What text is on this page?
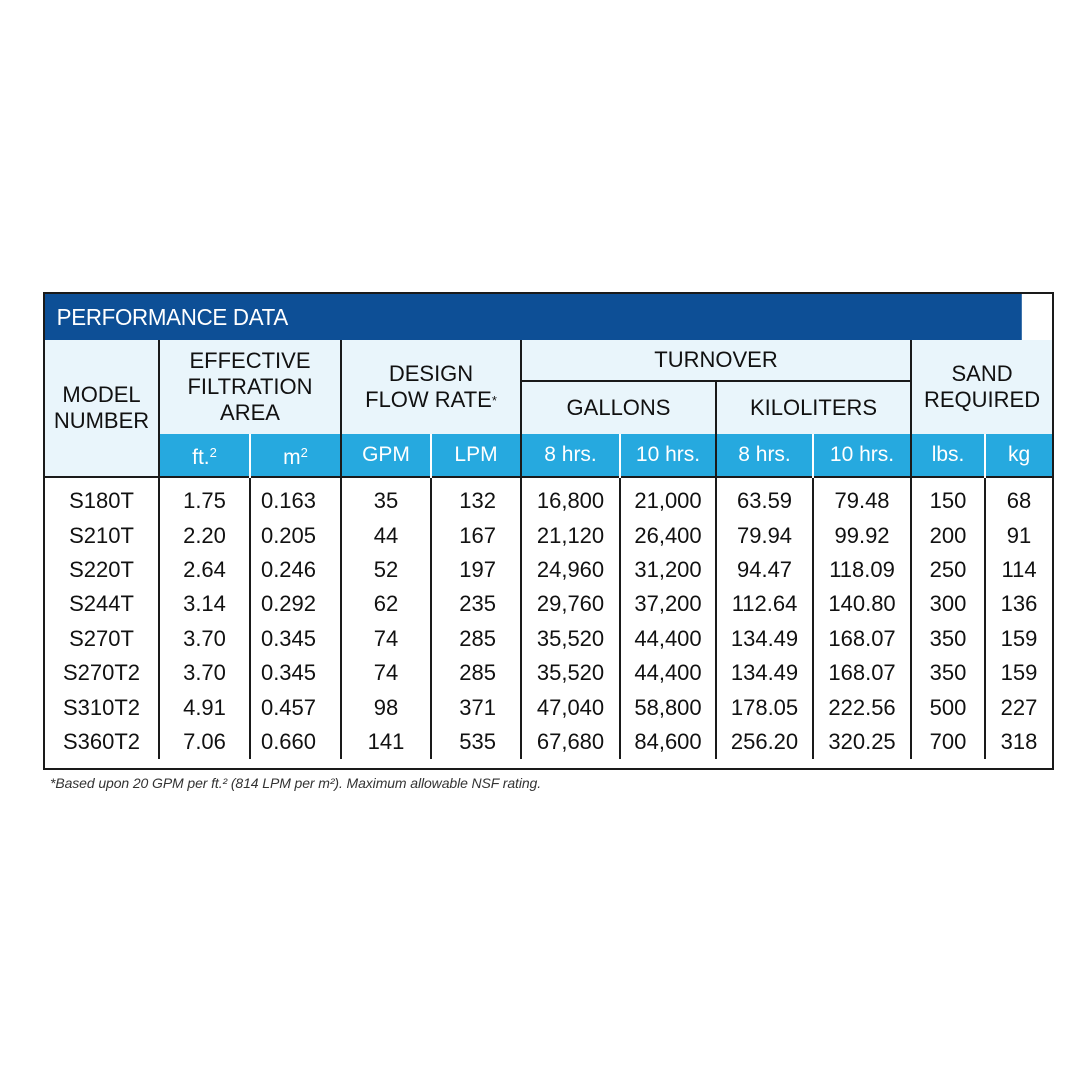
PERFORMANCE DATA
MODEL
NUMBER	EFFECTIVE
FILTRATION
AREA		DESIGN
FLOW RATE*		TURNOVER				SAND
REQUIRED	
					GALLONS		KILOLITERS			
	ft.$^2$	$m^2$	GPM	LPM	8 hrs.	10 hrs.	8 hrs.	10 hrs.	lbs.	kg
S180T	1.75	0.163	35	132	16,800	21,000	63.59	79.48	150	68
S210T	2.20	0.205	44	167	21,120	26,400	79.94	99.92	200	91
S220T	2.64	0.246	52	197	24,960	31,200	94.47	118.09	250	114
S244T	3.14	0.292	62	235	29,760	37,200	112.64	140.80	300	136
S270T	3.70	0.345	74	285	35,520	44,400	134.49	168.07	350	159
S270T2	3.70	0.345	74	285	35,520	44,400	134.49	168.07	350	159
S310T2	4.91	0.457	98	371	47,040	58,800	178.05	222.56	500	227
S360T2	7.06	0.660	141	535	67,680	84,600	256.20	320.25	700	318
*Based upon 20 GPM per ft.² (814 LPM per m²). Maximum allowable NSF rating.
